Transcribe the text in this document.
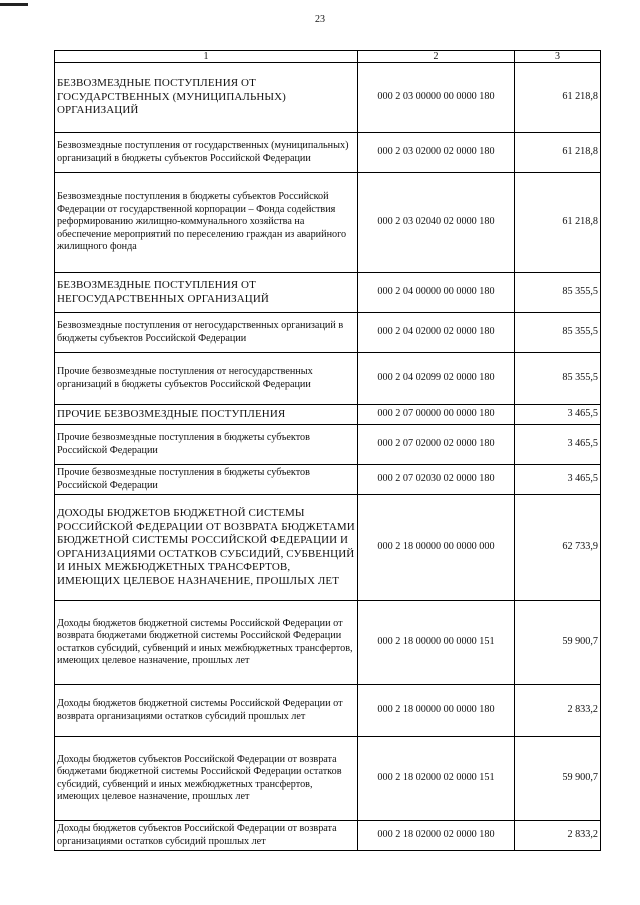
23
1	2	3
БЕЗВОЗМЕЗДНЫЕ ПОСТУПЛЕНИЯ ОТ ГОСУДАРСТВЕННЫХ (МУНИЦИПАЛЬНЫХ) ОРГАНИЗАЦИЙ	000 2 03 00000 00 0000 180	61 218,8
Безвозмездные поступления от государственных (муниципальных) организаций в бюджеты субъектов Российской Федерации	000 2 03 02000 02 0000 180	61 218,8
Безвозмездные поступления в бюджеты субъектов Российской Федерации от государственной корпорации – Фонда содействия реформированию жилищно-коммунального хозяйства на обеспечение мероприятий по переселению граждан из аварийного жилищного фонда	000 2 03 02040 02 0000 180	61 218,8
БЕЗВОЗМЕЗДНЫЕ ПОСТУПЛЕНИЯ ОТ НЕГОСУДАРСТВЕННЫХ ОРГАНИЗАЦИЙ	000 2 04 00000 00 0000 180	85 355,5
Безвозмездные поступления от негосударственных организаций в бюджеты субъектов Российской Федерации	000 2 04 02000 02 0000 180	85 355,5
Прочие безвозмездные поступления от негосударственных организаций в бюджеты субъектов Российской Федерации	000 2 04 02099 02 0000 180	85 355,5
ПРОЧИЕ БЕЗВОЗМЕЗДНЫЕ ПОСТУПЛЕНИЯ	000 2 07 00000 00 0000 180	3 465,5
Прочие безвозмездные поступления в бюджеты субъектов Российской Федерации	000 2 07 02000 02 0000 180	3 465,5
Прочие безвозмездные поступления в бюджеты субъектов Российской Федерации	000 2 07 02030 02 0000 180	3 465,5
ДОХОДЫ БЮДЖЕТОВ БЮДЖЕТНОЙ СИСТЕМЫ РОССИЙСКОЙ ФЕДЕРАЦИИ ОТ ВОЗВРАТА БЮДЖЕТАМИ БЮДЖЕТНОЙ СИСТЕМЫ РОССИЙСКОЙ ФЕДЕРАЦИИ И ОРГАНИЗАЦИЯМИ ОСТАТКОВ СУБСИДИЙ, СУБВЕНЦИЙ И ИНЫХ МЕЖБЮДЖЕТНЫХ ТРАНСФЕРТОВ, ИМЕЮЩИХ ЦЕЛЕВОЕ НАЗНАЧЕНИЕ, ПРОШЛЫХ ЛЕТ	000 2 18 00000 00 0000 000	62 733,9
Доходы бюджетов бюджетной системы Российской Федерации от возврата бюджетами бюджетной системы Российской Федерации остатков субсидий, субвенций и иных межбюджетных трансфертов, имеющих целевое назначение, прошлых лет	000 2 18 00000 00 0000 151	59 900,7
Доходы бюджетов бюджетной системы Российской Федерации от возврата организациями остатков субсидий прошлых лет	000 2 18 00000 00 0000 180	2 833,2
Доходы бюджетов субъектов Российской Федерации от возврата бюджетами бюджетной системы Российской Федерации остатков субсидий, субвенций и иных межбюджетных трансфертов, имеющих целевое назначение, прошлых лет	000 2 18 02000 02 0000 151	59 900,7
Доходы бюджетов субъектов Российской Федерации от возврата организациями остатков субсидий прошлых лет	000 2 18 02000 02 0000 180	2 833,2
